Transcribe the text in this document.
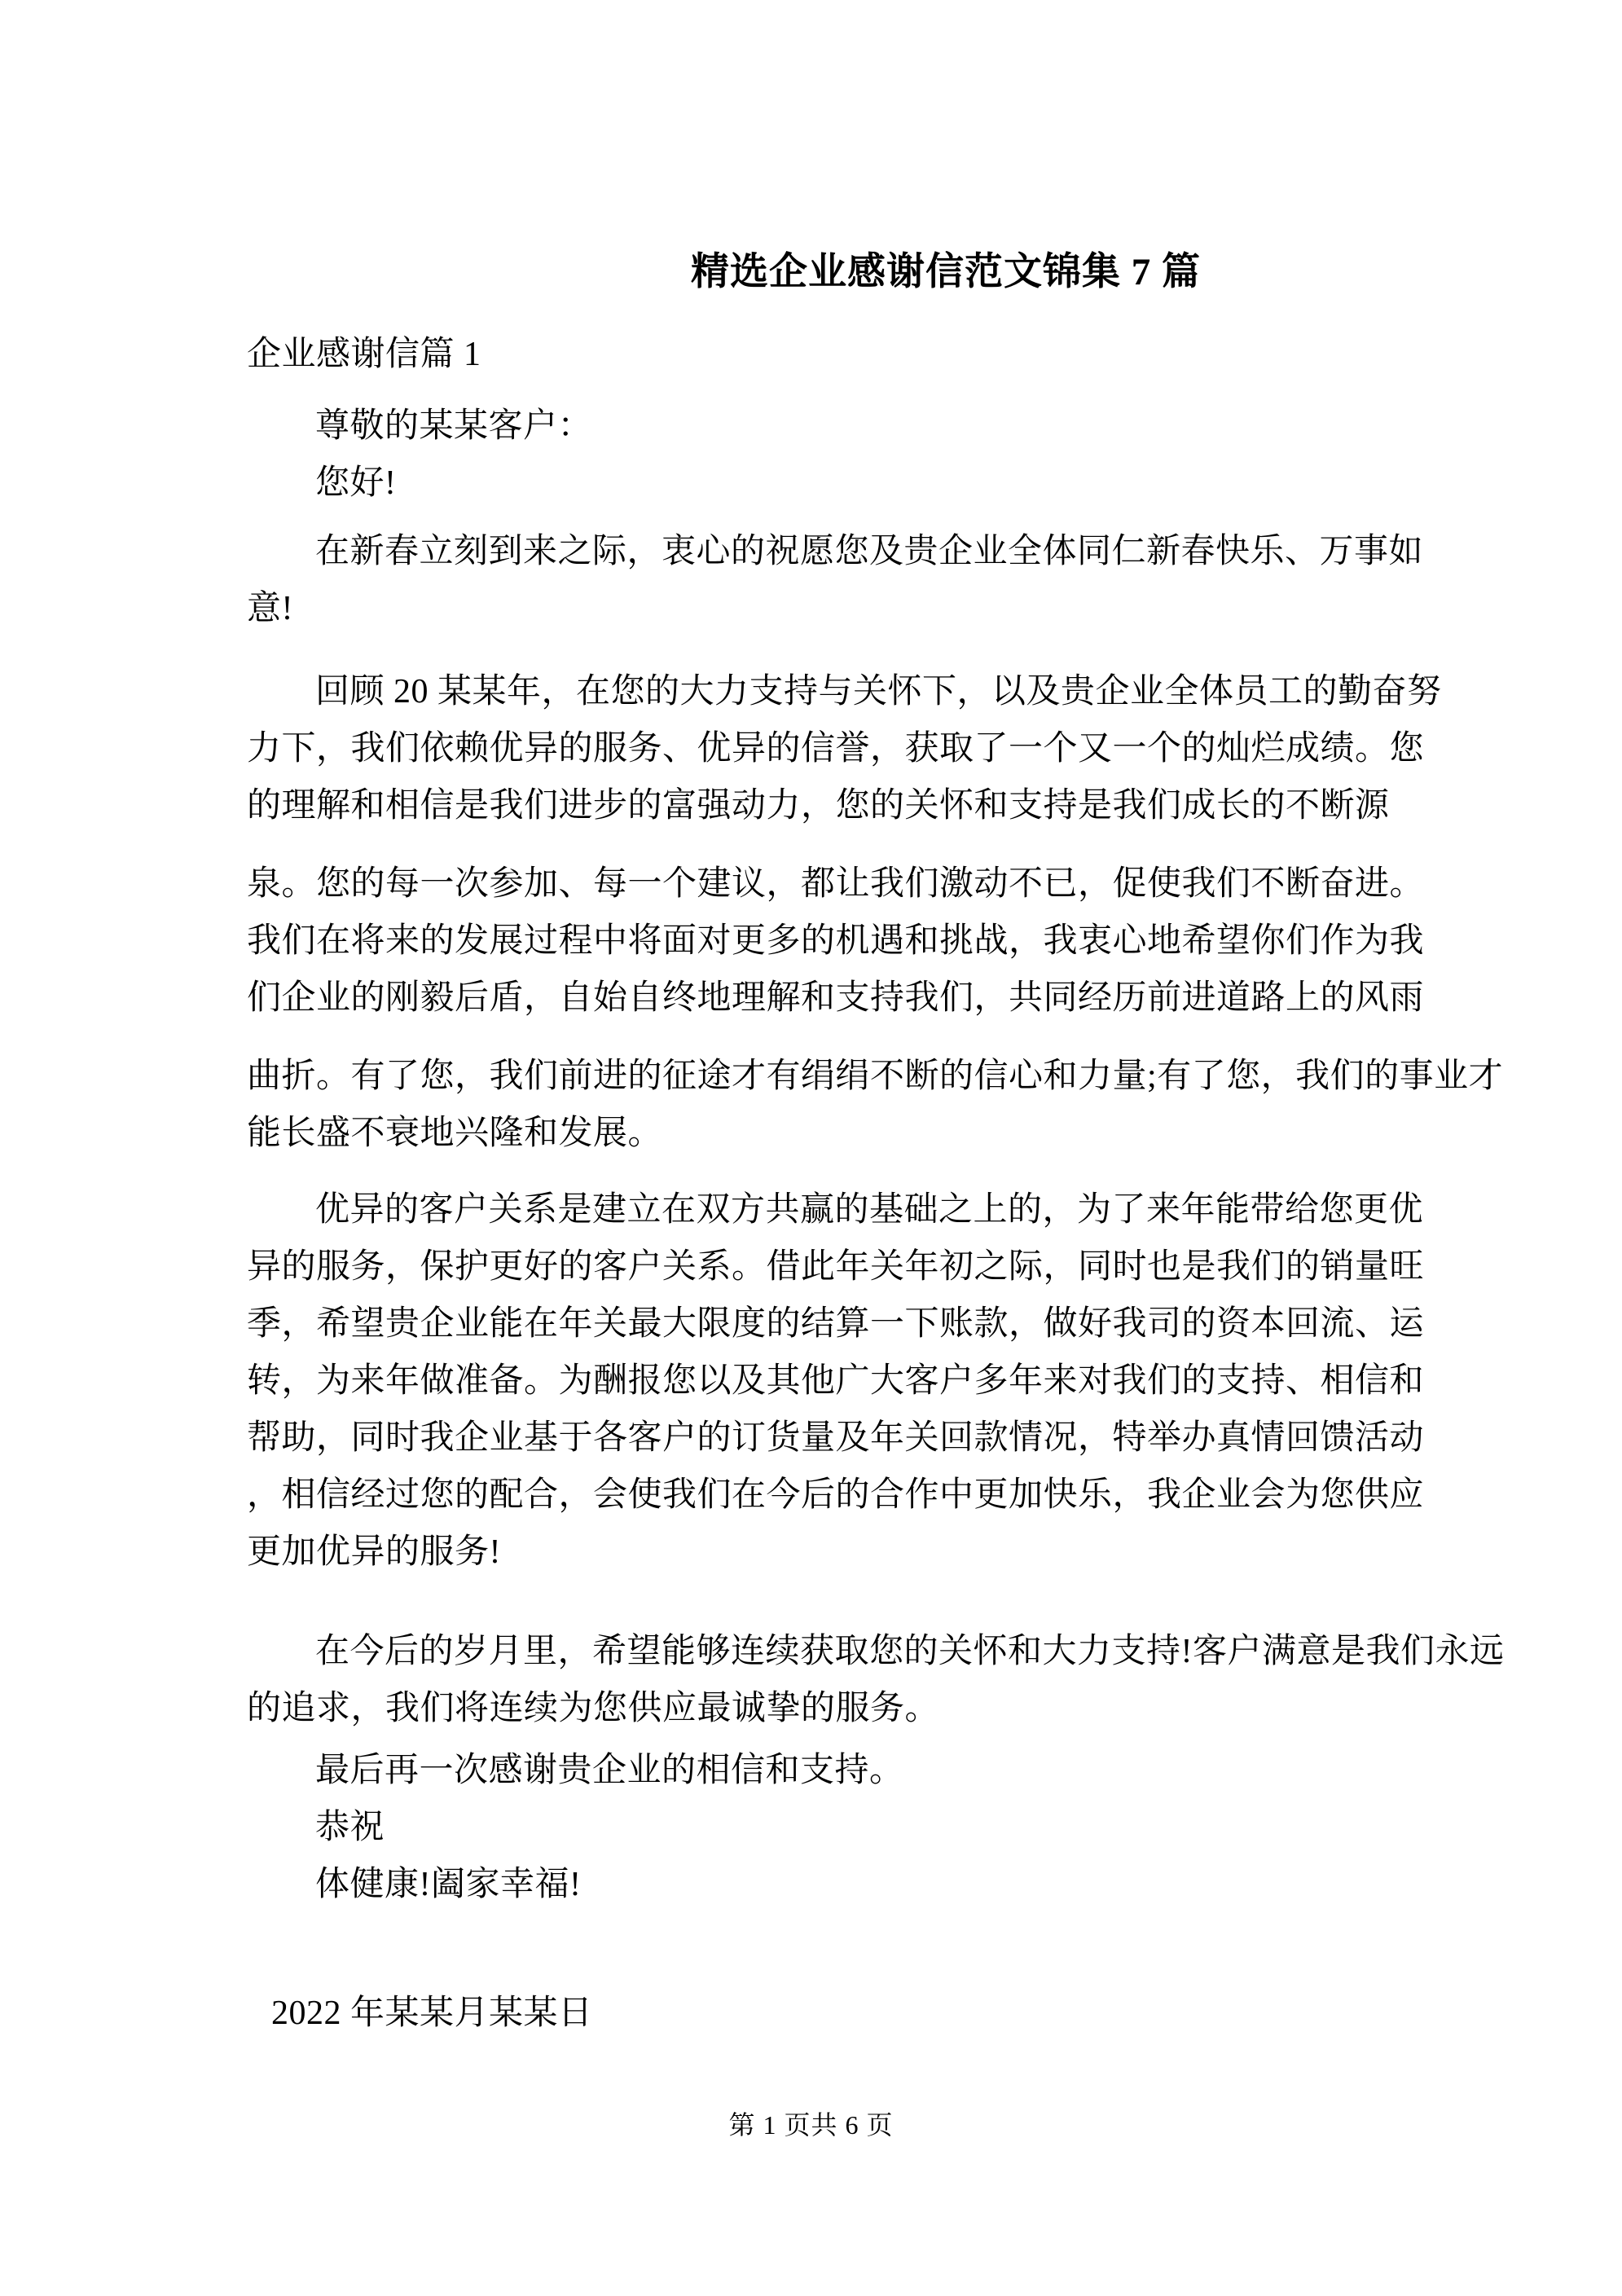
精选企业感谢信范文锦集 7 篇
企业感谢信篇 1
尊敬的某某客户：
您好!
在新春立刻到来之际，衷心的祝愿您及贵企业全体同仁新春快乐、万事如
意!
回顾 20 某某年，在您的大力支持与关怀下，以及贵企业全体员工的勤奋努
力下，我们依赖优异的服务、优异的信誉，获取了一个又一个的灿烂成绩。您
的理解和相信是我们进步的富强动力，您的关怀和支持是我们成长的不断源
泉。您的每一次参加、每一个建议，都让我们激动不已，促使我们不断奋进。
我们在将来的发展过程中将面对更多的机遇和挑战，我衷心地希望你们作为我
们企业的刚毅后盾，自始自终地理解和支持我们，共同经历前进道路上的风雨
曲折。有了您，我们前进的征途才有绢绢不断的信心和力量;有了您，我们的事业才
能长盛不衰地兴隆和发展。
优异的客户关系是建立在双方共赢的基础之上的，为了来年能带给您更优
异的服务，保护更好的客户关系。借此年关年初之际，同时也是我们的销量旺
季，希望贵企业能在年关最大限度的结算一下账款，做好我司的资本回流、运
转，为来年做准备。为酬报您以及其他广大客户多年来对我们的支持、相信和
帮助，同时我企业基于各客户的订货量及年关回款情况，特举办真情回馈活动
，相信经过您的配合，会使我们在今后的合作中更加快乐，我企业会为您供应
更加优异的服务!
在今后的岁月里，希望能够连续获取您的关怀和大力支持!客户满意是我们永远
的追求，我们将连续为您供应最诚挚的服务。
最后再一次感谢贵企业的相信和支持。
恭祝
体健康!阖家幸福!
2022 年某某月某某日
第 1 页共 6 页
